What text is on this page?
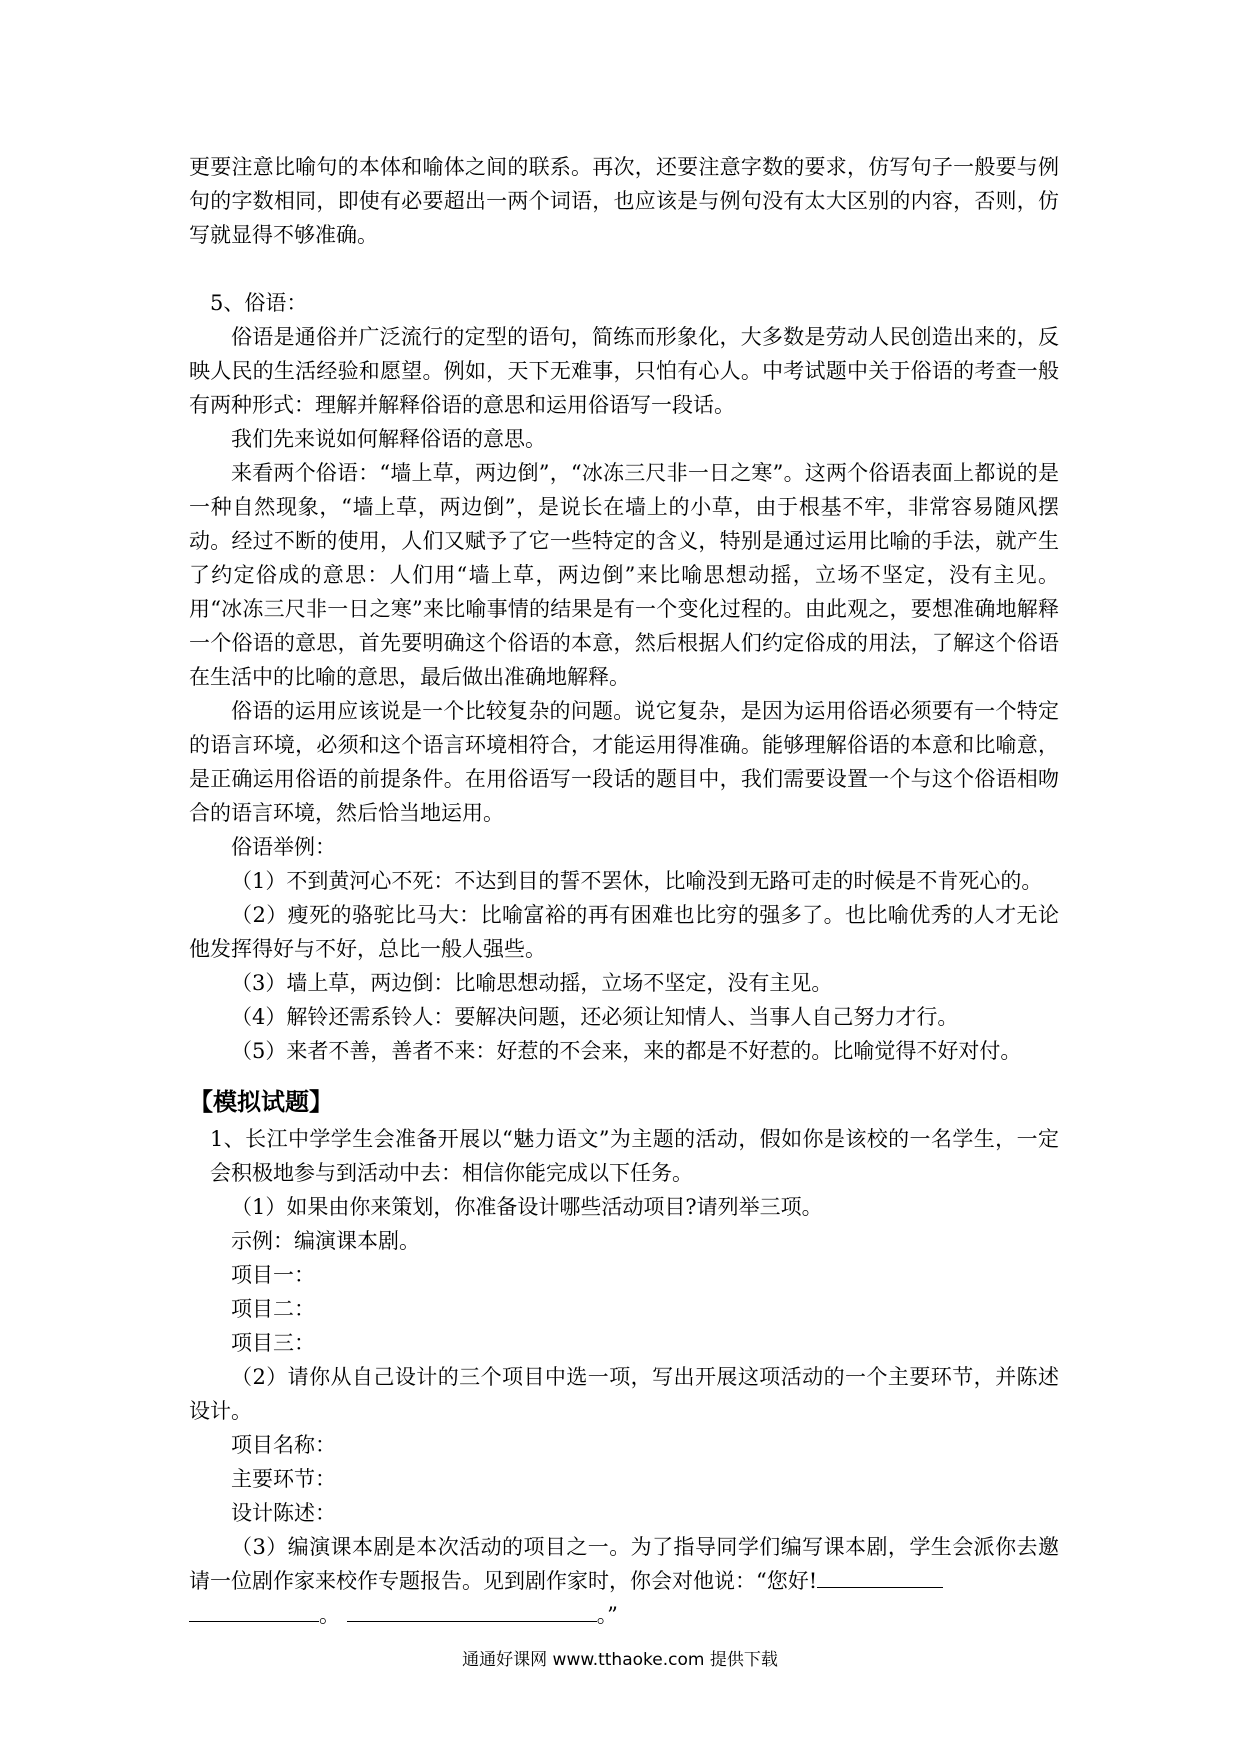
更要注意比喻句的本体和喻体之间的联系。再次，还要注意字数的要求，仿写句子一般要与例句的字数相同，即使有必要超出一两个词语，也应该是与例句没有太大区别的内容，否则，仿写就显得不够准确。

5、俗语：

俗语是通俗并广泛流行的定型的语句，简练而形象化，大多数是劳动人民创造出来的，反映人民的生活经验和愿望。例如，天下无难事，只怕有心人。中考试题中关于俗语的考查一般有两种形式：理解并解释俗语的意思和运用俗语写一段话。

我们先来说如何解释俗语的意思。

来看两个俗语：“墙上草，两边倒”，“冰冻三尺非一日之寒”。这两个俗语表面上都说的是一种自然现象，“墙上草，两边倒”，是说长在墙上的小草，由于根基不牢，非常容易随风摆动。经过不断的使用，人们又赋予了它一些特定的含义，特别是通过运用比喻的手法，就产生了约定俗成的意思：人们用“墙上草，两边倒”来比喻思想动摇，立场不坚定，没有主见。用“冰冻三尺非一日之寒”来比喻事情的结果是有一个变化过程的。由此观之，要想准确地解释一个俗语的意思，首先要明确这个俗语的本意，然后根据人们约定俗成的用法，了解这个俗语在生活中的比喻的意思，最后做出准确地解释。

俗语的运用应该说是一个比较复杂的问题。说它复杂，是因为运用俗语必须要有一个特定的语言环境，必须和这个语言环境相符合，才能运用得准确。能够理解俗语的本意和比喻意，是正确运用俗语的前提条件。在用俗语写一段话的题目中，我们需要设置一个与这个俗语相吻合的语言环境，然后恰当地运用。

俗语举例：

（1）不到黄河心不死：不达到目的誓不罢休，比喻没到无路可走的时候是不肯死心的。

（2）瘦死的骆驼比马大：比喻富裕的再有困难也比穷的强多了。也比喻优秀的人才无论他发挥得好与不好，总比一般人强些。

（3）墙上草，两边倒：比喻思想动摇，立场不坚定，没有主见。

（4）解铃还需系铃人：要解决问题，还必须让知情人、当事人自己努力才行。

（5）来者不善，善者不来：好惹的不会来，来的都是不好惹的。比喻觉得不好对付。

【模拟试题】

1、长江中学学生会准备开展以“魅力语文”为主题的活动，假如你是该校的一名学生，一定会积极地参与到活动中去：相信你能完成以下任务。

（1）如果由你来策划，你准备设计哪些活动项目?请列举三项。

示例：编演课本剧。

项目一：

项目二：

项目三：

（2）请你从自己设计的三个项目中选一项，写出开展这项活动的一个主要环节，并陈述设计。

项目名称：

主要环节：

设计陈述：

（3）编演课本剧是本次活动的项目之一。为了指导同学们编写课本剧，学生会派你去邀请一位剧作家来校作专题报告。见到剧作家时，你会对他说：“您好!

。	。”

通通好课网 www.tthaoke.com 提供下载
